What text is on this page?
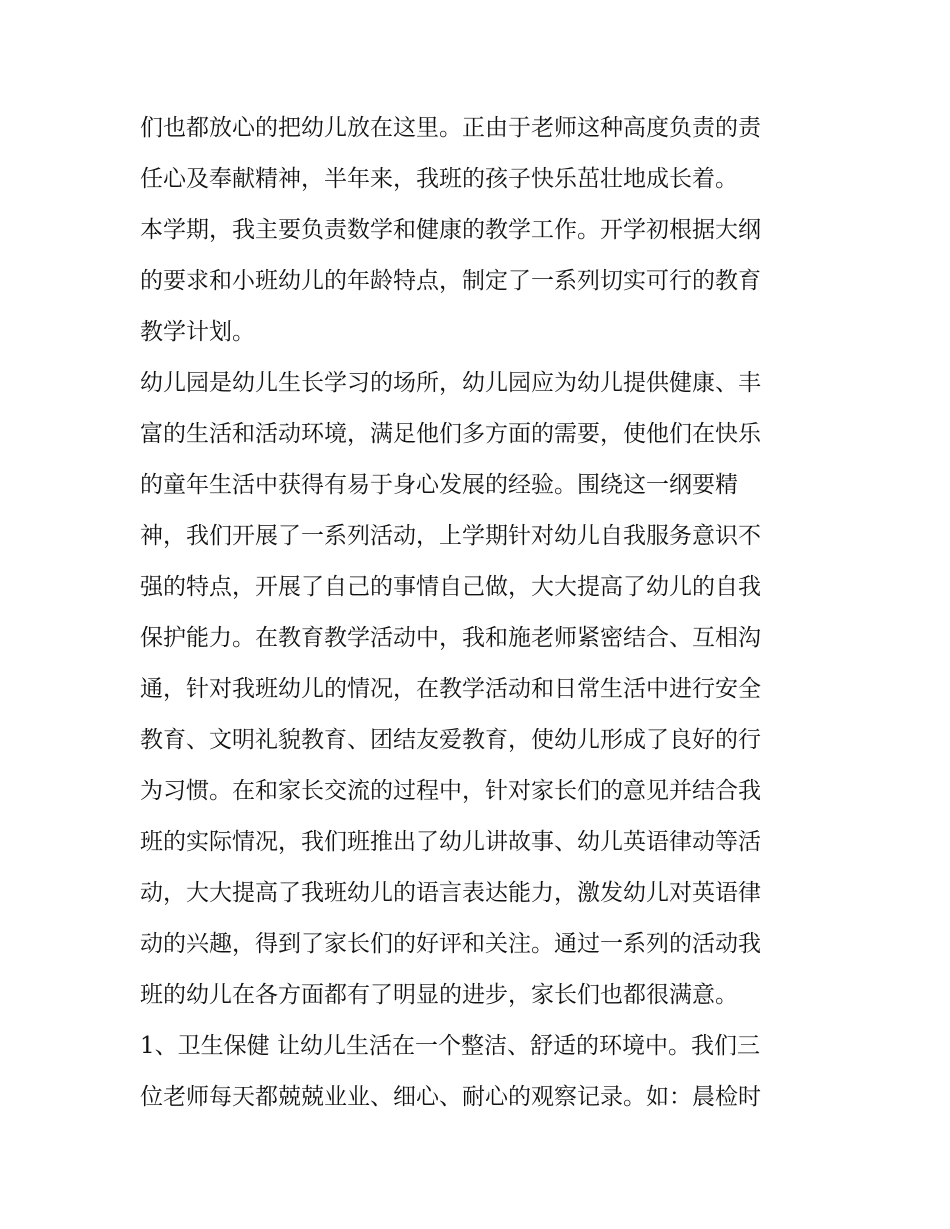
们也都放心的把幼儿放在这里。正由于老师这种高度负责的责
任心及奉献精神，半年来，我班的孩子快乐茁壮地成长着。
本学期，我主要负责数学和健康的教学工作。开学初根据大纲
的要求和小班幼儿的年龄特点，制定了一系列切实可行的教育
教学计划。
幼儿园是幼儿生长学习的场所，幼儿园应为幼儿提供健康、丰
富的生活和活动环境，满足他们多方面的需要，使他们在快乐
的童年生活中获得有易于身心发展的经验。围绕这一纲要精
神，我们开展了一系列活动，上学期针对幼儿自我服务意识不
强的特点，开展了自己的事情自己做，大大提高了幼儿的自我
保护能力。在教育教学活动中，我和施老师紧密结合、互相沟
通，针对我班幼儿的情况，在教学活动和日常生活中进行安全
教育、文明礼貌教育、团结友爱教育，使幼儿形成了良好的行
为习惯。在和家长交流的过程中，针对家长们的意见并结合我
班的实际情况，我们班推出了幼儿讲故事、幼儿英语律动等活
动，大大提高了我班幼儿的语言表达能力，激发幼儿对英语律
动的兴趣，得到了家长们的好评和关注。通过一系列的活动我
班的幼儿在各方面都有了明显的进步，家长们也都很满意。
1、卫生保健 让幼儿生活在一个整洁、舒适的环境中。我们三
位老师每天都兢兢业业、细心、耐心的观察记录。如：晨检时
